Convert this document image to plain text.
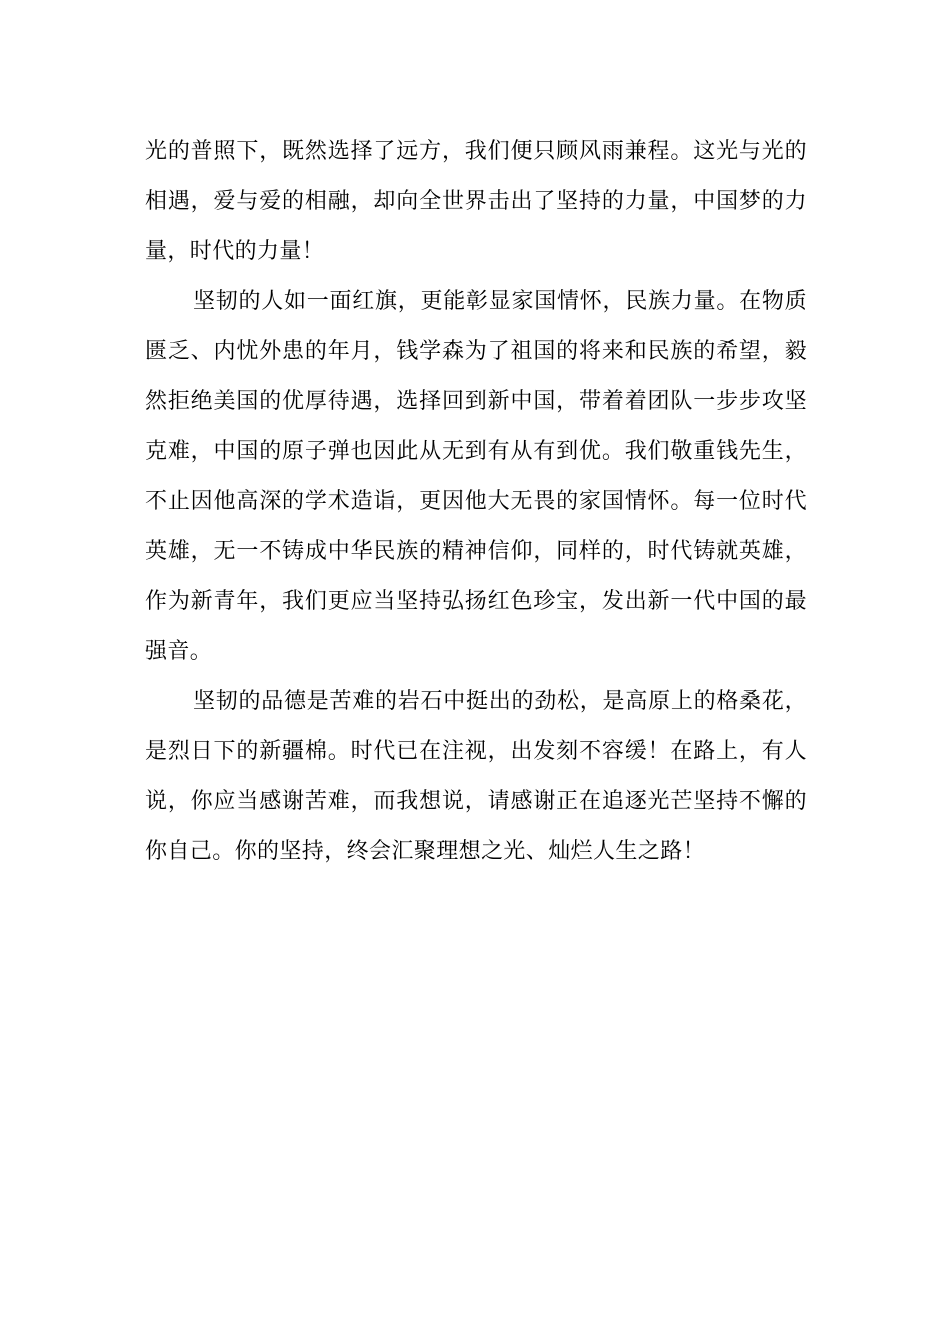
光的普照下，既然选择了远方，我们便只顾风雨兼程。这光与光的
相遇，爱与爱的相融，却向全世界击出了坚持的力量，中国梦的力
量，时代的力量！
坚韧的人如一面红旗，更能彰显家国情怀，民族力量。在物质
匮乏、内忧外患的年月，钱学森为了祖国的将来和民族的希望，毅
然拒绝美国的优厚待遇，选择回到新中国，带着着团队一步步攻坚
克难，中国的原子弹也因此从无到有从有到优。我们敬重钱先生，
不止因他高深的学术造诣，更因他大无畏的家国情怀。每一位时代
英雄，无一不铸成中华民族的精神信仰，同样的，时代铸就英雄，
作为新青年，我们更应当坚持弘扬红色珍宝，发出新一代中国的最
强音。
坚韧的品德是苦难的岩石中挺出的劲松，是高原上的格桑花，
是烈日下的新疆棉。时代已在注视，出发刻不容缓！在路上，有人
说，你应当感谢苦难，而我想说，请感谢正在追逐光芒坚持不懈的
你自己。你的坚持，终会汇聚理想之光、灿烂人生之路！
